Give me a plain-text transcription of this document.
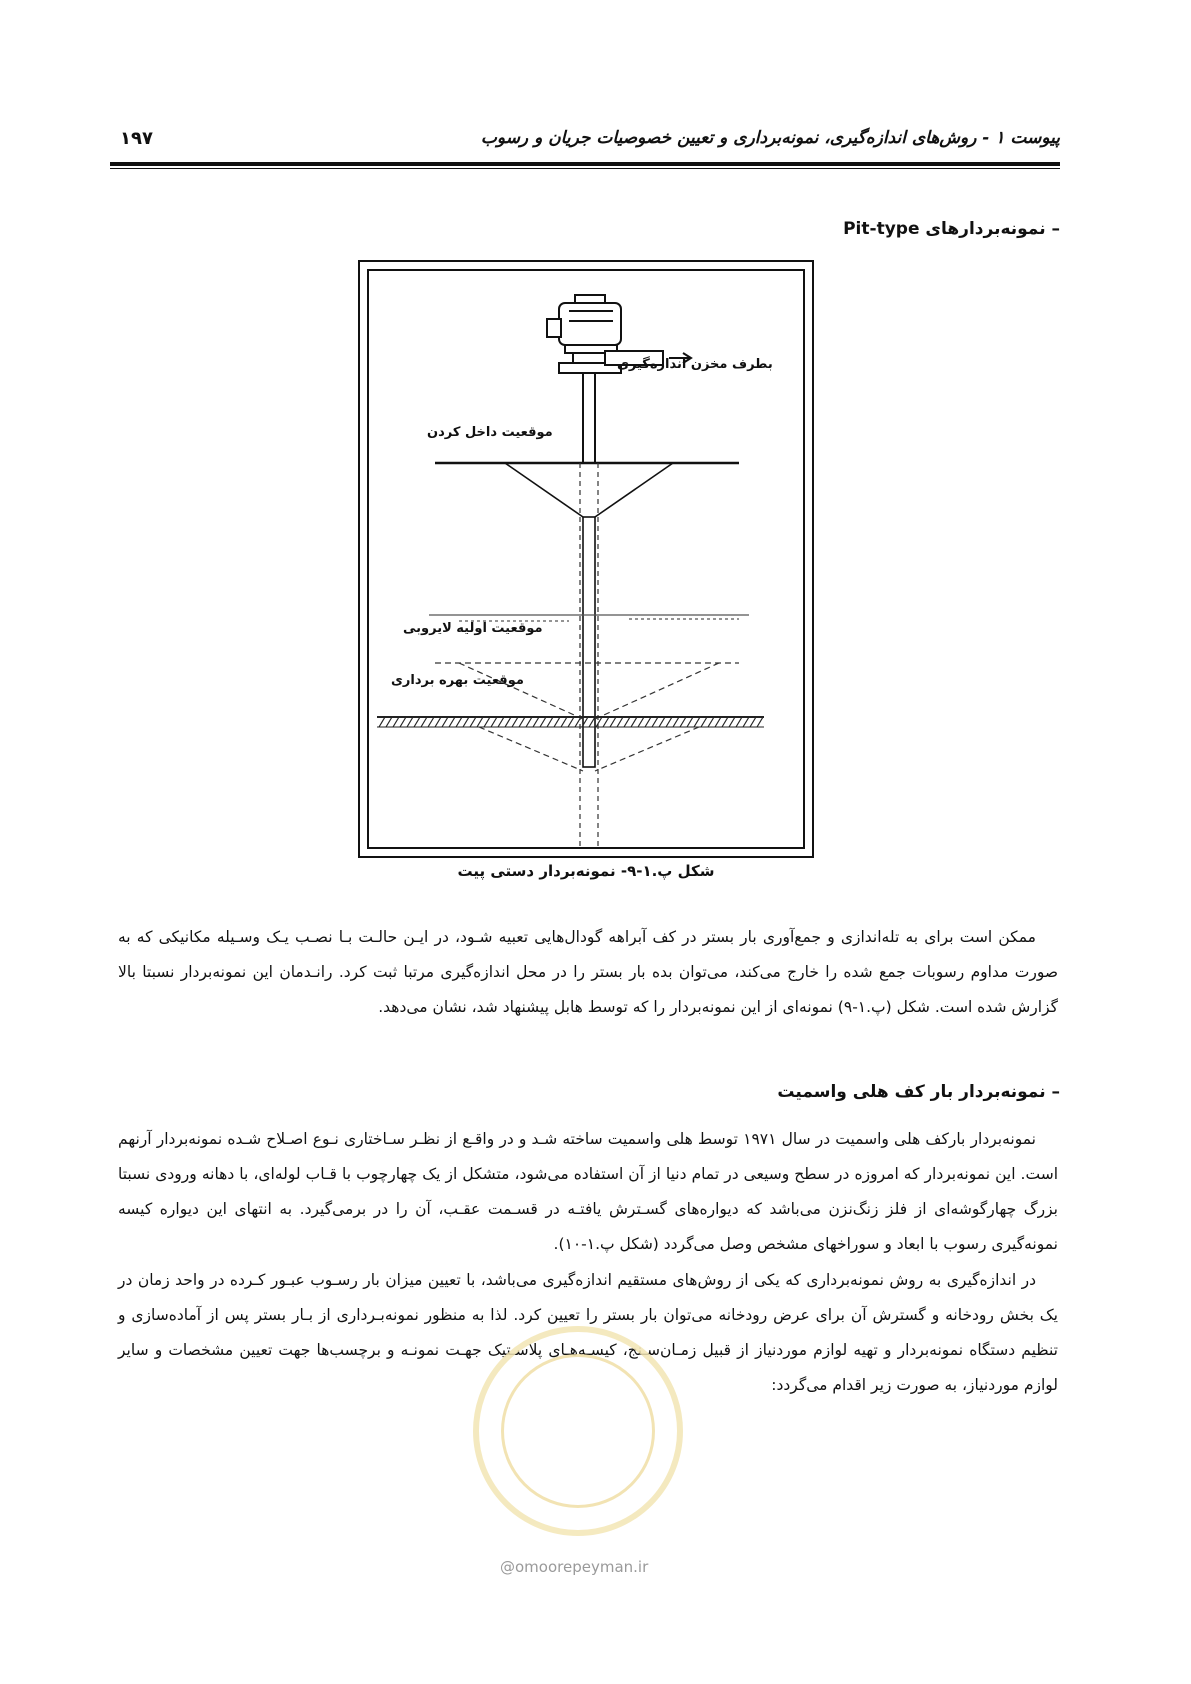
پیوست ۱ - روش‌های اندازه‌گیری، نمونه‌برداری و تعیین خصوصیات جریان و رسوب
۱۹۷
– نمونه‌بردارهای Pit-type
بطرف مخزن اندازه‌گیری
موقعیت داخل کردن
موقعیت اولیه لایروبی
موقعیت بهره برداری
شکل پ.۱-۹- نمونه‌بردار دستی پیت
ممکن است برای به تله‌اندازی و جمع‌آوری بار بستر در کف آبراهه گودال‌هایی تعبیه شـود، در ایـن حالـت بـا نصـب یـک وسـیله مکانیکی که به صورت مداوم رسوبات جمع شده را خارج می‌کند، می‌توان بده بار بستر را در محل اندازه‌گیری مرتبا ثبت کرد. رانـدمان این نمونه‌بردار نسبتا بالا گزارش شده است. شکل (پ.۱-۹) نمونه‌ای از این نمونه‌بردار را که توسط هابل پیشنهاد شد، نشان می‌دهد.
– نمونه‌بردار بار کف هلی واسمیت
نمونه‌بردار بارکف هلی واسمیت در سال ۱۹۷۱ توسط هلی واسمیت ساخته شـد و در واقـع از نظـر سـاختاری نـوع اصـلاح شـده نمونه‌بردار آرنهم است. این نمونه‌بردار که امروزه در سطح وسیعی در تمام دنیا از آن استفاده می‌شود، متشکل از یک چهارچوب با قـاب لوله‌ای، با دهانه ورودی نسبتا بزرگ چهارگوشه‌ای از فلز زنگ‌نزن می‌باشد که دیواره‌های گسـترش یافتـه در قسـمت عقـب، آن را در برمی‌گیرد. به انتهای این دیواره کیسه نمونه‌گیری رسوب با ابعاد و سوراخهای مشخص وصل می‌گردد (شکل پ.۱-۱۰).
در اندازه‌گیری به روش نمونه‌برداری که یکی از روش‌های مستقیم اندازه‌گیری می‌باشد، با تعیین میزان بار رسـوب عبـور کـرده در واحد زمان در یک بخش رودخانه و گسترش آن برای عرض رودخانه می‌توان بار بستر را تعیین کرد. لذا به منظور نمونه‌بـرداری از بـار بستر پس از آماده‌سازی و تنظیم دستگاه نمونه‌بردار و تهیه لوازم موردنیاز از قبیل زمـان‌سـنج، کیسـه‌هـای پلاسـتیک جهـت نمونـه و برچسب‌ها جهت تعیین مشخصات و سایر لوازم موردنیاز، به صورت زیر اقدام می‌گردد:
@omoorepeyman.ir
